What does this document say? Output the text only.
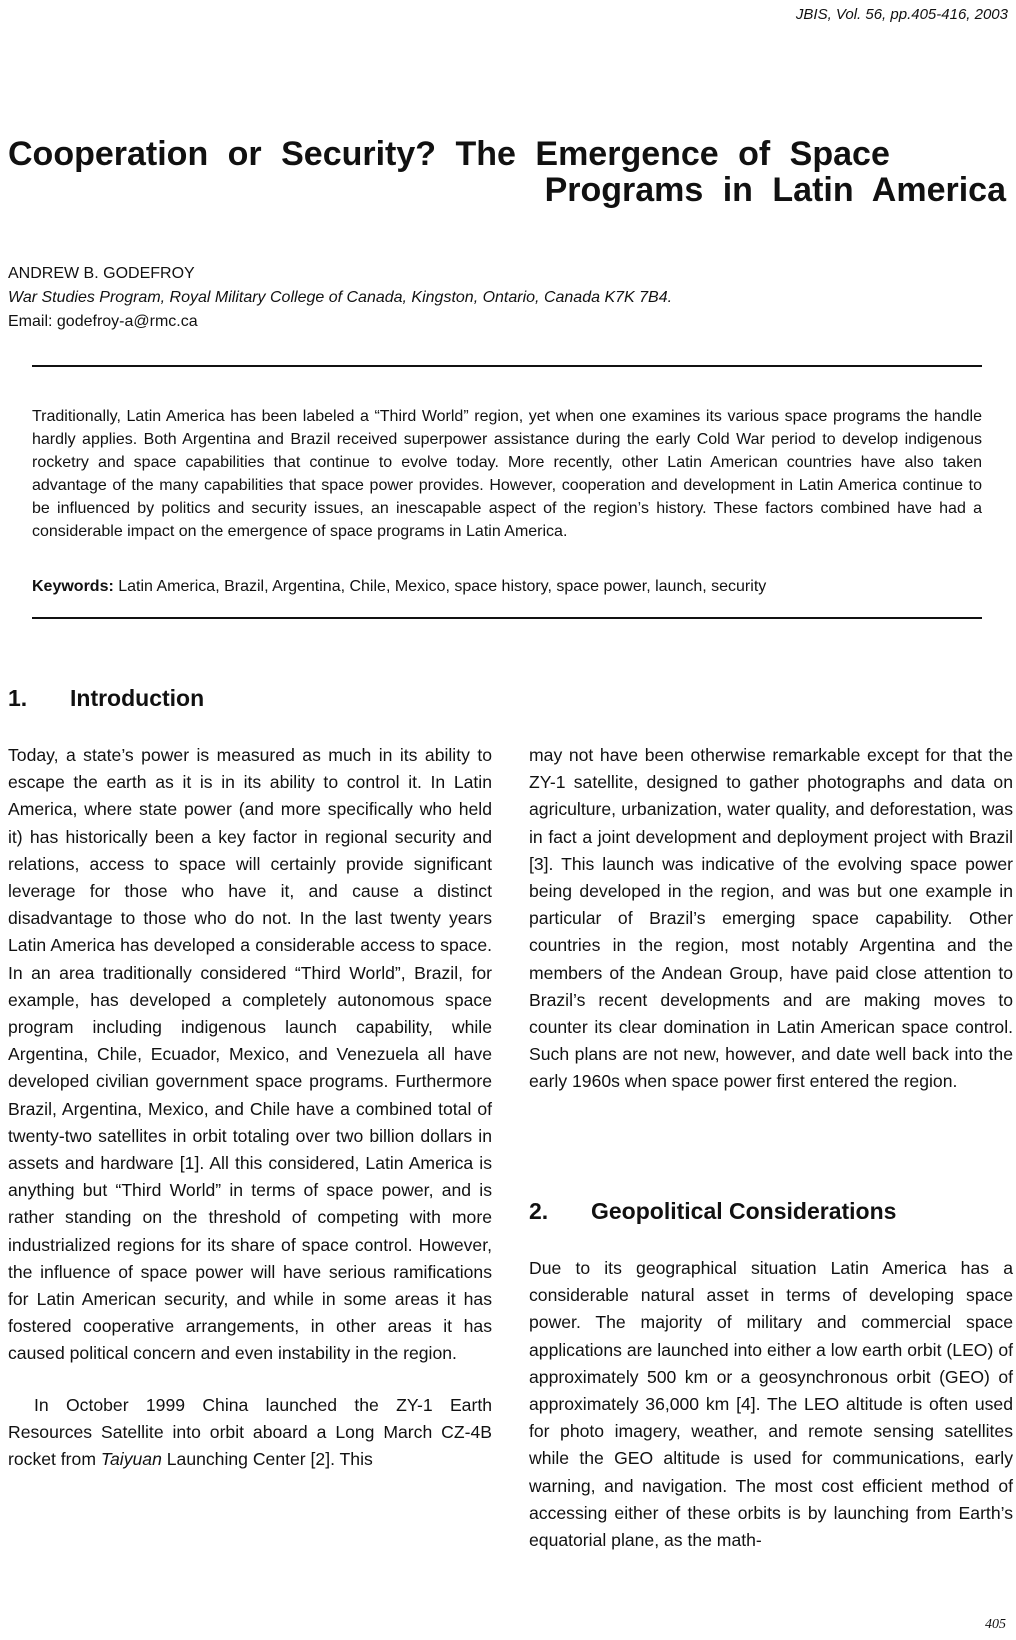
JBIS, Vol. 56, pp.405-416, 2003
Cooperation or Security? The Emergence of Space
Programs in Latin America
ANDREW B. GODEFROY
War Studies Program, Royal Military College of Canada, Kingston, Ontario, Canada K7K 7B4.
Email: godefroy-a@rmc.ca

Traditionally, Latin America has been labeled a “Third World” region, yet when one examines its various space programs the handle hardly applies. Both Argentina and Brazil received superpower assistance during the early Cold War period to develop indigenous rocketry and space capabilities that continue to evolve today. More recently, other Latin American countries have also taken advantage of the many capabilities that space power provides. However, cooperation and development in Latin America continue to be influenced by politics and security issues, an inescapable aspect of the region’s history. These factors combined have had a considerable impact on the emergence of space programs in Latin America.

Keywords: Latin America, Brazil, Argentina, Chile, Mexico, space history, space power, launch, security
1. Introduction

Today, a state’s power is measured as much in its ability to escape the earth as it is in its ability to control it. In Latin America, where state power (and more specifically who held it) has historically been a key factor in regional security and relations, access to space will certainly provide significant leverage for those who have it, and cause a distinct disadvantage to those who do not. In the last twenty years Latin America has developed a considerable access to space. In an area traditionally considered “Third World”, Brazil, for example, has developed a completely autonomous space program including indigenous launch capability, while Argentina, Chile, Ecuador, Mexico, and Venezuela all have developed civilian government space programs. Furthermore Brazil, Argentina, Mexico, and Chile have a combined total of twenty-two satellites in orbit totaling over two billion dollars in assets and hardware [1]. All this considered, Latin America is anything but “Third World” in terms of space power, and is rather standing on the threshold of competing with more industrialized regions for its share of space control. However, the influence of space power will have serious ramifications for Latin American security, and while in some areas it has fostered cooperative arrangements, in other areas it has caused political concern and even instability in the region.

In October 1999 China launched the ZY-1 Earth Resources Satellite into orbit aboard a Long March CZ-4B rocket from Taiyuan Launching Center [2]. This

may not have been otherwise remarkable except for that the ZY-1 satellite, designed to gather photographs and data on agriculture, urbanization, water quality, and deforestation, was in fact a joint development and deployment project with Brazil [3]. This launch was indicative of the evolving space power being developed in the region, and was but one example in particular of Brazil’s emerging space capability. Other countries in the region, most notably Argentina and the members of the Andean Group, have paid close attention to Brazil’s recent developments and are making moves to counter its clear domination in Latin American space control. Such plans are not new, however, and date well back into the early 1960s when space power first entered the region.

2. Geopolitical Considerations

Due to its geographical situation Latin America has a considerable natural asset in terms of developing space power. The majority of military and commercial space applications are launched into either a low earth orbit (LEO) of approximately 500 km or a geosynchronous orbit (GEO) of approximately 36,000 km [4]. The LEO altitude is often used for photo imagery, weather, and remote sensing satellites while the GEO altitude is used for communications, early warning, and navigation. The most cost efficient method of accessing either of these orbits is by launching from Earth’s equatorial plane, as the math-

405
